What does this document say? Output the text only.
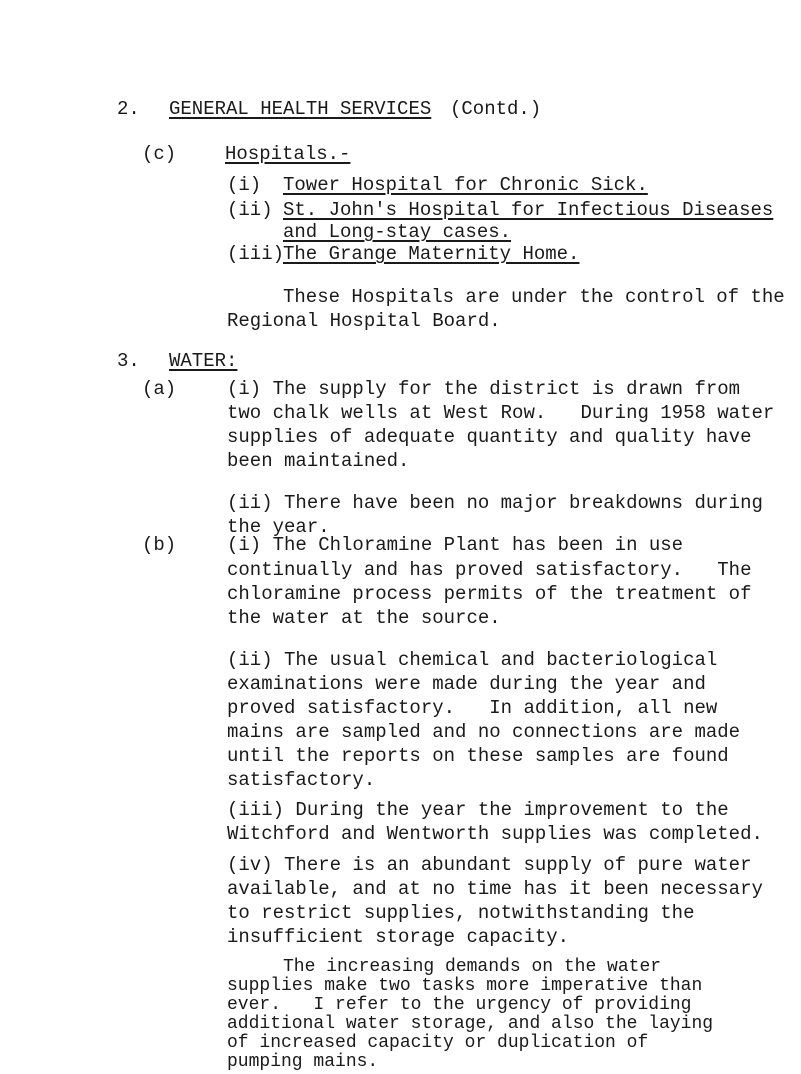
2. GENERAL HEALTH SERVICES (Contd.)
(c)	Hospitals.-
(i) Tower Hospital for Chronic Sick.
(ii) St. John's Hospital for Infectious Diseases
and Long-stay cases.
(iii)
The Grange Maternity Home.
These Hospitals are under the control of the
Regional Hospital Board.
3. WATER:
(a)	(i) The supply for the district is drawn from
two chalk wells at West Row.   During 1958 water
supplies of adequate quantity and quality have
been maintained.
(ii) There have been no major breakdowns during
the year.
(b)	(i) The Chloramine Plant has been in use
continually and has proved satisfactory.   The
chloramine process permits of the treatment of
the water at the source.
(ii) The usual chemical and bacteriological
examinations were made during the year and
proved satisfactory.   In addition, all new
mains are sampled and no connections are made
until the reports on these samples are found
satisfactory.
(iii) During the year the improvement to the
Witchford and Wentworth supplies was completed.
(iv) There is an abundant supply of pure water
available, and at no time has it been necessary
to restrict supplies, notwithstanding the
insufficient storage capacity.
The increasing demands on the water
supplies make two tasks more imperative than
ever.   I refer to the urgency of providing
additional water storage, and also the laying
of increased capacity or duplication of
pumping mains.
